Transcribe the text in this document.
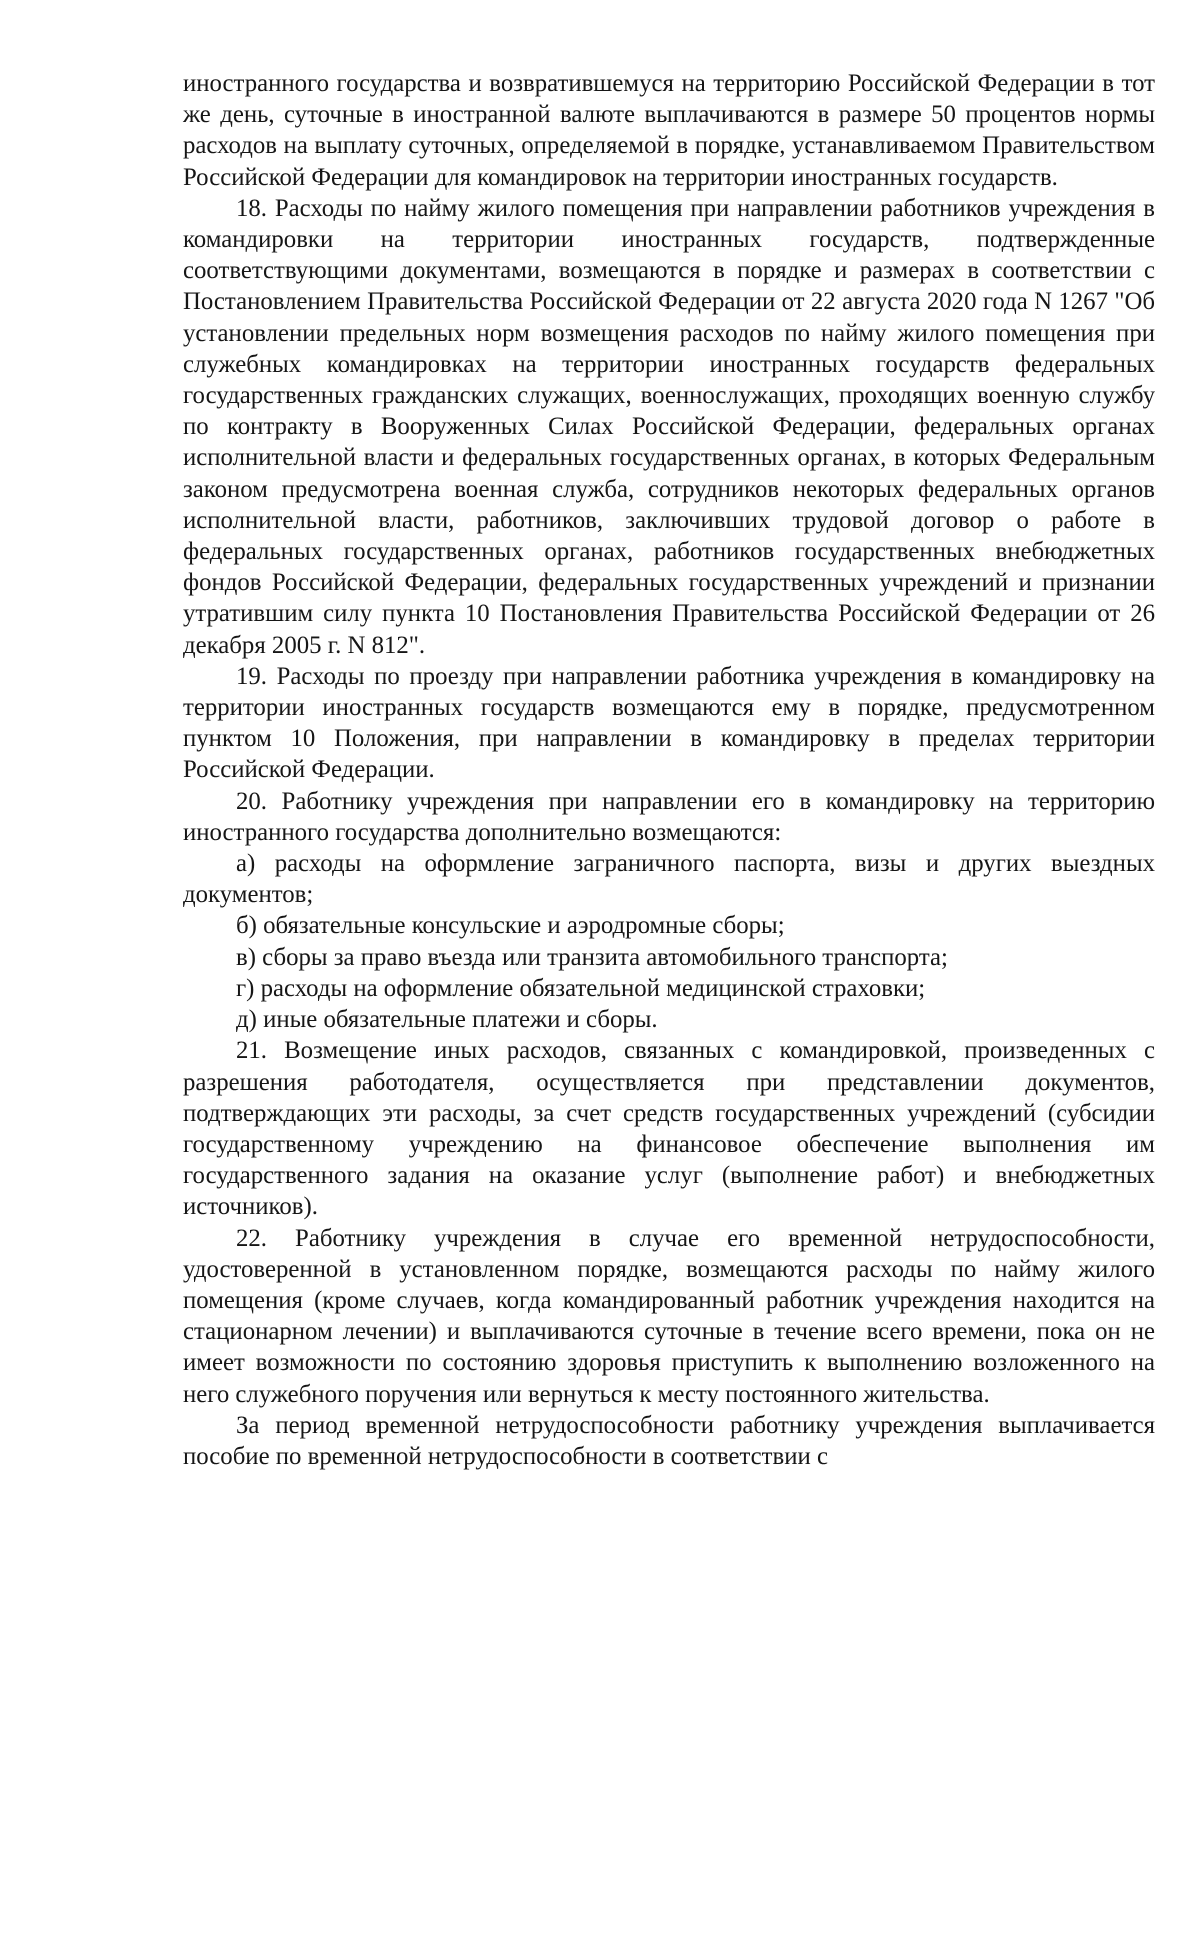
иностранного государства и возвратившемуся на территорию Российской Федерации в тот же день, суточные в иностранной валюте выплачиваются в размере 50 процентов нормы расходов на выплату суточных, определяемой в порядке, устанавливаемом Правительством Российской Федерации для командировок на территории иностранных государств.

18. Расходы по найму жилого помещения при направлении работников учреждения в командировки на территории иностранных государств, подтвержденные соответствующими документами, возмещаются в порядке и размерах в соответствии с Постановлением Правительства Российской Федерации от 22 августа 2020 года N 1267 "Об установлении предельных норм возмещения расходов по найму жилого помещения при служебных командировках на территории иностранных государств федеральных государственных гражданских служащих, военнослужащих, проходящих военную службу по контракту в Вооруженных Силах Российской Федерации, федеральных органах исполнительной власти и федеральных государственных органах, в которых Федеральным законом предусмотрена военная служба, сотрудников некоторых федеральных органов исполнительной власти, работников, заключивших трудовой договор о работе в федеральных государственных органах, работников государственных внебюджетных фондов Российской Федерации, федеральных государственных учреждений и признании утратившим силу пункта 10 Постановления Правительства Российской Федерации от 26 декабря 2005 г. N 812".

19. Расходы по проезду при направлении работника учреждения в командировку на территории иностранных государств возмещаются ему в порядке, предусмотренном пунктом 10 Положения, при направлении в командировку в пределах территории Российской Федерации.

20. Работнику учреждения при направлении его в командировку на территорию иностранного государства дополнительно возмещаются:

а) расходы на оформление заграничного паспорта, визы и других выездных документов;

б) обязательные консульские и аэродромные сборы;

в) сборы за право въезда или транзита автомобильного транспорта;

г) расходы на оформление обязательной медицинской страховки;

д) иные обязательные платежи и сборы.

21. Возмещение иных расходов, связанных с командировкой, произведенных с разрешения работодателя, осуществляется при представлении документов, подтверждающих эти расходы, за счет средств государственных учреждений (субсидии государственному учреждению на финансовое обеспечение выполнения им государственного задания на оказание услуг (выполнение работ) и внебюджетных источников).

22. Работнику учреждения в случае его временной нетрудоспособности, удостоверенной в установленном порядке, возмещаются расходы по найму жилого помещения (кроме случаев, когда командированный работник учреждения находится на стационарном лечении) и выплачиваются суточные в течение всего времени, пока он не имеет возможности по состоянию здоровья приступить к выполнению возложенного на него служебного поручения или вернуться к месту постоянного жительства.

За период временной нетрудоспособности работнику учреждения выплачивается пособие по временной нетрудоспособности в соответствии с
